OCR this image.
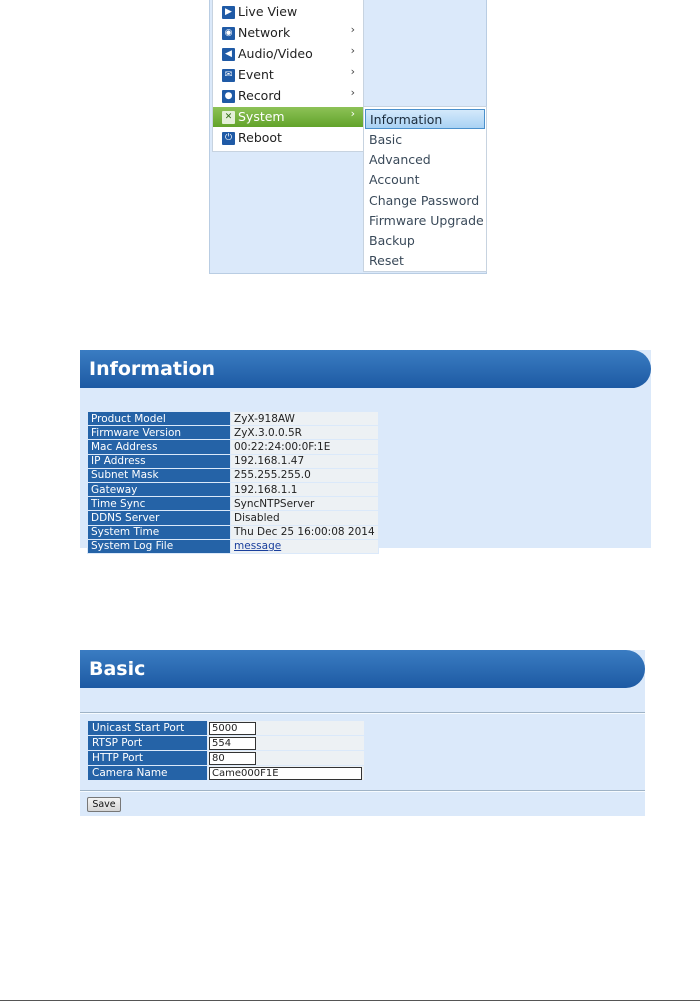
▶ Live View
◉ Network	›
◀ Audio/Video	›
✉ Event	›
● Record	›
✕ System	›
⏻ Reboot
Information
Basic
Advanced
Account
Change Password
Firmware Upgrade
Backup
Reset
Information
Product Model	ZyX-918AW
Firmware Version	ZyX.3.0.0.5R
Mac Address	00:22:24:00:0F:1E
IP Address	192.168.1.47
Subnet Mask	255.255.255.0
Gateway	192.168.1.1
Time Sync	SyncNTPServer
DDNS Server	Disabled
System Time	Thu Dec 25 16:00:08 2014
System Log File	message
Basic
Unicast Start Port	5000
RTSP Port	554
HTTP Port	80
Camera Name	Came000F1E
Save
